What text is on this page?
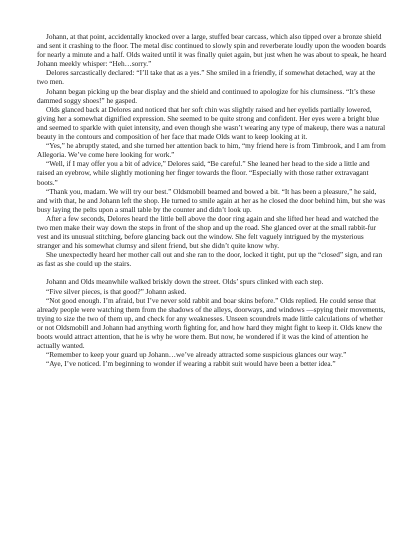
Johann, at that point, accidentally knocked over a large, stuffed bear carcass, which also tipped over a bronze shield and sent it crashing to the floor. The metal disc continued to slowly spin and reverberate loudly upon the wooden boards for nearly a minute and a half. Olds waited until it was finally quiet again, but just when he was about to speak, he heard Johann meekly whisper: “Heh…sorry.”

Delores sarcastically declared: “I’ll take that as a yes.” She smiled in a friendly, if somewhat detached, way at the two men.

Johann began picking up the bear display and the shield and continued to apologize for his clumsiness. “It’s these dammed soggy shoes!” he gasped.

Olds glanced back at Delores and noticed that her soft chin was slightly raised and her eyelids partially lowered, giving her a somewhat dignified expression. She seemed to be quite strong and confident. Her eyes were a bright blue and seemed to sparkle with quiet intensity, and even though she wasn’t wearing any type of makeup, there was a natural beauty in the contours and composition of her face that made Olds want to keep looking at it.

“Yes,” he abruptly stated, and she turned her attention back to him, “my friend here is from Timbrook, and I am from Allegoria. We’ve come here looking for work.”

“Well, if I may offer you a bit of advice,” Delores said, “Be careful.” She leaned her head to the side a little and raised an eyebrow, while slightly motioning her finger towards the floor. “Especially with those rather extravagant boots.”

“Thank you, madam. We will try our best.” Oldsmobill beamed and bowed a bit. “It has been a pleasure,” he said, and with that, he and Johann left the shop. He turned to smile again at her as he closed the door behind him, but she was busy laying the pelts upon a small table by the counter and didn’t look up.

After a few seconds, Delores heard the little bell above the door ring again and she lifted her head and watched the two men make their way down the steps in front of the shop and up the road. She glanced over at the small rabbit-fur vest and its unusual stitching, before glancing back out the window. She felt vaguely intrigued by the mysterious stranger and his somewhat clumsy and silent friend, but she didn’t quite know why.

She unexpectedly heard her mother call out and she ran to the door, locked it tight, put up the “closed” sign, and ran as fast as she could up the stairs.

Johann and Olds meanwhile walked briskly down the street. Olds’ spurs clinked with each step.

“Five silver pieces, is that good?” Johann asked.

“Not good enough. I’m afraid, but I’ve never sold rabbit and boar skins before.” Olds replied. He could sense that already people were watching them from the shadows of the alleys, doorways, and windows —spying their movements, trying to size the two of them up, and check for any weaknesses. Unseen scoundrels made little calculations of whether or not Oldsmobill and Johann had anything worth fighting for, and how hard they might fight to keep it. Olds knew the boots would attract attention, that he is why he wore them. But now, he wondered if it was the kind of attention he actually wanted.

“Remember to keep your guard up Johann…we’ve already attracted some suspicious glances our way.”

“Aye, I’ve noticed. I’m beginning to wonder if wearing a rabbit suit would have been a better idea.”
